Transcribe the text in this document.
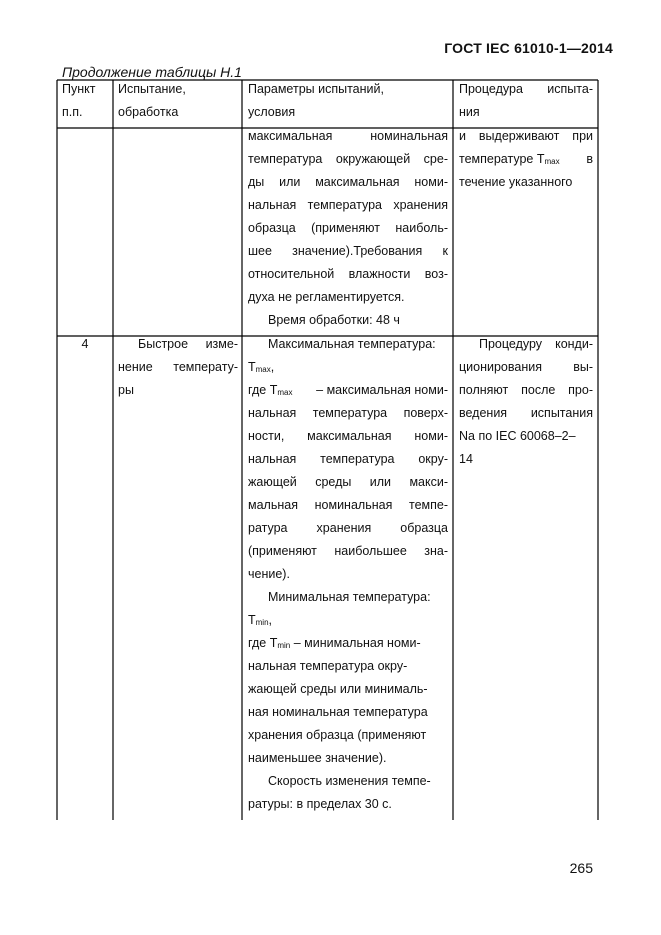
ГОСТ IEC 61010-1—2014
Продолжение таблицы Н.1
Пункт
п.п.
Испытание,
обработка
Параметры испытаний,
условия
Процедура испыта-
ния
максимальная номинальная
температура окружающей сре-
ды или максимальная номи-
нальная температура хранения
образца (применяют наиболь-
шее значение).Требования к
относительной влажности воз-
духа не регламентируется.
Время обработки: 48 ч
и выдерживают при
температуре $T_{max}$ в
течение указанного
4	Быстрое изме-
нение температу-
ры
Максимальная температура:
$T_{max}$,
где $T_{max}$ – максимальная номи-
нальная температура поверх-
ности, максимальная номи-
нальная температура окру-
жающей среды или макси-
мальная номинальная темпе-
ратура хранения образца
(применяют наибольшее зна-
чение).
Минимальная температура:
$T_{min}$,
где $T_{min}$ – минимальная номи-
нальная температура окру-
жающей среды или минималь-
ная номинальная температура
хранения образца (применяют
наименьшее значение).
Скорость изменения темпе-
ратуры: в пределах 30 с.
Процедуру конди-
ционирования вы-
полняют после про-
ведения испытания
Na по IEC 60068–2–
14
265
